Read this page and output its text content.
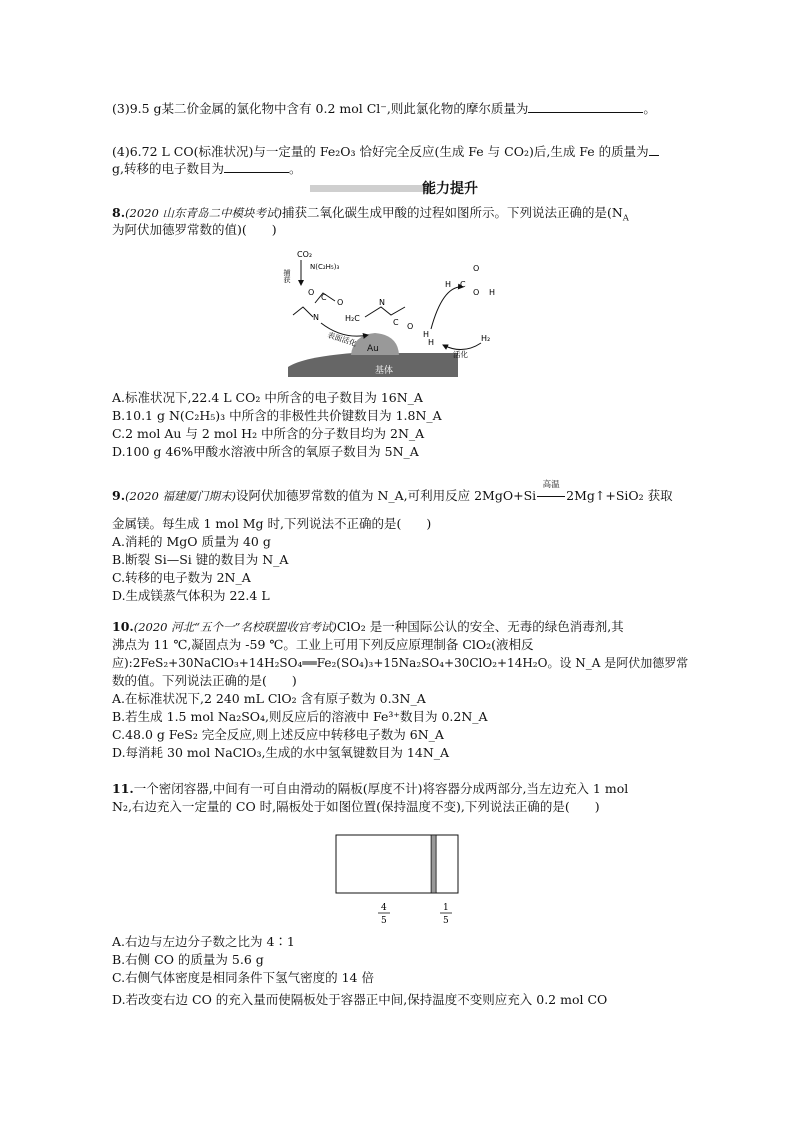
(3)9.5 g某二价金属的氯化物中含有 0.2 mol Cl⁻,则此氯化物的摩尔质量为	。
(4)6.72 L CO(标准状况)与一定量的 Fe₂O₃ 恰好完全反应(生成 Fe 与 CO₂)后,生成 Fe 的质量为
g,转移的电子数目为	。
能力提升
8.(2020 山东青岛二中模块考试)捕获二氧化碳生成甲酸的过程如图所示。下列说法正确的是($N_A$
为阿伏加德罗常数的值)(　　)
基体
Au
CO₂
N(C₂H₅)₃
捕获
C
O
O
N
表面活化
H₂C
N
C O
H
H
H C
O
O H
H₂
活化
A.标准状况下,22.4 L CO₂ 中所含的电子数目为 16N_A
B.10.1 g N(C₂H₅)₃ 中所含的非极性共价键数目为 1.8N_A
C.2 mol Au 与 2 mol H₂ 中所含的分子数目均为 2N_A
D.100 g 46%甲酸水溶液中所含的氧原子数目为 5N_A
9.(2020 福建厦门期末)设阿伏加德罗常数的值为 N_A,可利用反应 2MgO+Si
高温
2Mg↑+SiO₂ 获取
金属镁。每生成 1 mol Mg 时,下列说法不正确的是(　　)
A.消耗的 MgO 质量为 40 g
B.断裂 Si—Si 键的数目为 N_A
C.转移的电子数为 2N_A
D.生成镁蒸气体积为 22.4 L
10.(2020 河北“五个一”名校联盟收官考试)ClO₂ 是一种国际公认的安全、无毒的绿色消毒剂,其
沸点为 11 ℃,凝固点为 -59 ℃。工业上可用下列反应原理制备 ClO₂(液相反
应):2FeS₂+30NaClO₃+14H₂SO₄══Fe₂(SO₄)₃+15Na₂SO₄+30ClO₂+14H₂O。设 N_A 是阿伏加德罗常
数的值。下列说法正确的是(　　)
A.在标准状况下,2 240 mL ClO₂ 含有原子数为 0.3N_A
B.若生成 1.5 mol Na₂SO₄,则反应后的溶液中 Fe³⁺数目为 0.2N_A
C.48.0 g FeS₂ 完全反应,则上述反应中转移电子数为 6N_A
D.每消耗 30 mol NaClO₃,生成的水中氢氧键数目为 14N_A
11.一个密闭容器,中间有一可自由滑动的隔板(厚度不计)将容器分成两部分,当左边充入 1 mol
N₂,右边充入一定量的 CO 时,隔板处于如图位置(保持温度不变),下列说法正确的是(　　)
4
5
1
5
A.右边与左边分子数之比为 4∶1
B.右侧 CO 的质量为 5.6 g
C.右侧气体密度是相同条件下氢气密度的 14 倍
D.若改变右边 CO 的充入量而使隔板处于容器正中间,保持温度不变则应充入 0.2 mol CO
